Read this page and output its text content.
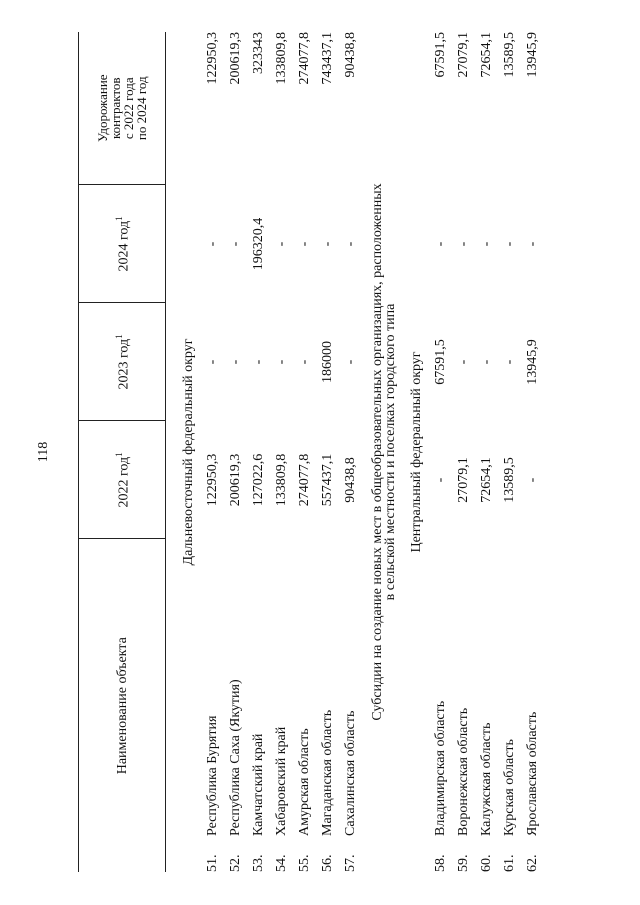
118
Наименование объекта		2022 год$^1$	2023 год$^1$	2024 год$^1$	Удорожание
контрактов
с 2022 года
по 2024 год

Дальневосточный федеральный округ					
51.	Республика Бурятия	122950,3	-	-	122950,3
52.	Республика Саха (Якутия)	200619,3	-	-	200619,3
53.	Камчатский край	127022,6	-	196320,4	323343
54.	Хабаровский край	133809,8	-	-	133809,8
55.	Амурская область	274077,8	-	-	274077,8
56.	Магаданская область	557437,1	186000	-	743437,1
57.	Сахалинская область	90438,8	-	-	90438,8

Субсидии на создание новых мест в общеобразовательных организациях, расположенных
в сельской местности и поселках городского типа					

Центральный федеральный округ					
58.	Владимирская область	-	67591,5	-	67591,5
59.	Воронежская область	27079,1	-	-	27079,1
60.	Калужская область	72654,1	-	-	72654,1
61.	Курская область	13589,5	-	-	13589,5
62.	Ярославская область	-	13945,9	-	13945,9
